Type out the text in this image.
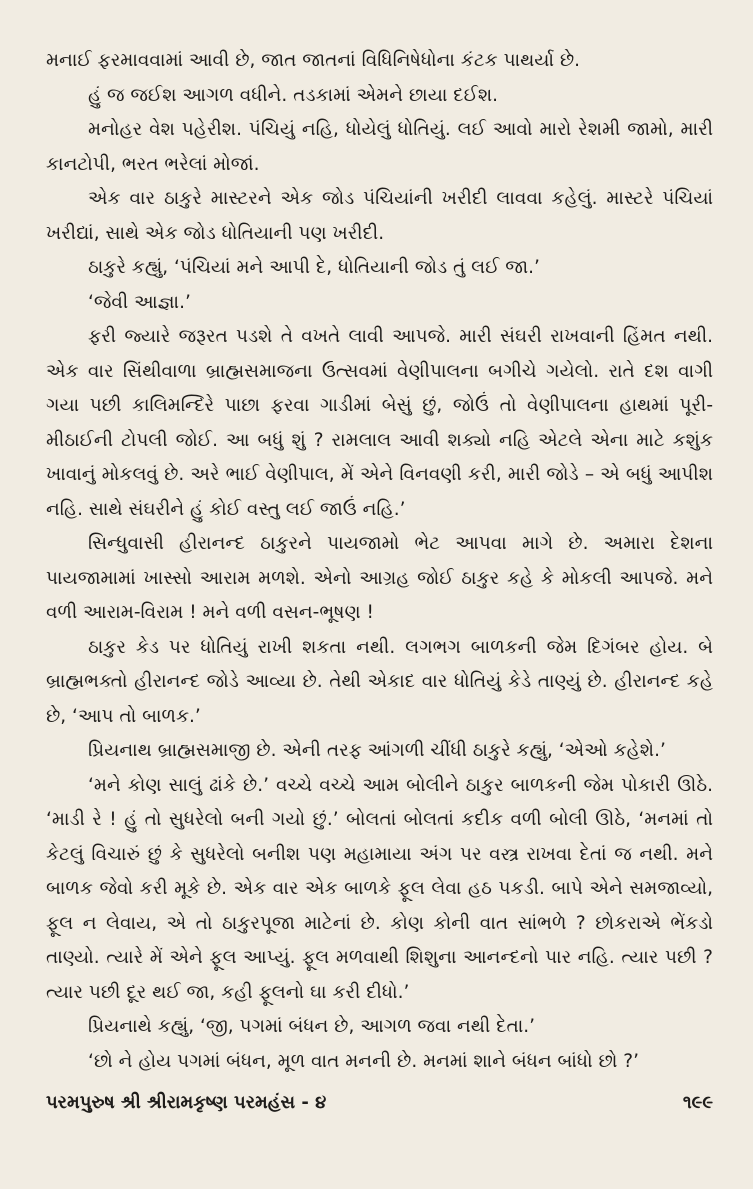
મનાઈ ફરમાવવામાં આવી છે, જાત જાતનાં વિધિનિષેધોના કંટક પાથર્યા છે.

હું જ જઈશ આગળ વધીને. તડકામાં એમને છાયા દઈશ.

મનોહર વેશ પહેરીશ. પંચિયું નહિ, ધોયેલું ધોતિયું. લઈ આવો મારો રેશમી જામો, મારી કાનટોપી, ભરત ભરેલાં મોજાં.

એક વાર ઠાકુરે માસ્ટરને એક જોડ પંચિયાંની ખરીદી લાવવા કહેલું. માસ્ટરે પંચિયાં ખરીદ્યાં, સાથે એક જોડ ધોતિયાની પણ ખરીદી.

ઠાકુરે કહ્યું, ‘પંચિયાં મને આપી દે, ધોતિયાની જોડ તું લઈ જા.’

‘જેવી આજ્ઞા.’

ફરી જ્યારે જરૂરત પડશે તે વખતે લાવી આપજે. મારી સંઘરી રાખવાની હિંમત નથી. એક વાર સિંથીવાળા બ્રાહ્મસમાજના ઉત્સવમાં વેણીપાલના બગીચે ગયેલો. રાતે દશ વાગી ગયા પછી કાલિમન્દિરે પાછા ફરવા ગાડીમાં બેસું છું, જોઉં તો વેણીપાલના હાથમાં પૂરી-મીઠાઈની ટોપલી જોઈ. આ બધું શું ? રામલાલ આવી શક્યો નહિ એટલે એના માટે કશુંક ખાવાનું મોકલવું છે. અરે ભાઈ વેણીપાલ, મેં એને વિનવણી કરી, મારી જોડે – એ બધું આપીશ નહિ. સાથે સંઘરીને હું કોઈ વસ્તુ લઈ જાઉં નહિ.’

સિન્ધુવાસી હીરાનન્દ ઠાકુરને પાયજામો ભેટ આપવા માગે છે. અમારા દેશના પાયજામામાં ખાસ્સો આરામ મળશે. એનો આગ્રહ જોઈ ઠાકુર કહે કે મોકલી આપજે. મને વળી આરામ-વિરામ ! મને વળી વસન-ભૂષણ !

ઠાકુર કેડ પર ધોતિયું રાખી શકતા નથી. લગભગ બાળકની જેમ દિગંબર હોય. બે બ્રાહ્મભક્તો હીરાનન્દ જોડે આવ્યા છે. તેથી એકાદ વાર ધોતિયું કેડે તાણ્યું છે. હીરાનન્દ કહે છે, ‘આપ તો બાળક.’

પ્રિયનાથ બ્રાહ્મસમાજી છે. એની તરફ આંગળી ચીંધી ઠાકુરે કહ્યું, ‘એઓ કહેશે.’

‘મને કોણ સાલું ઢાંકે છે.’ વચ્ચે વચ્ચે આમ બોલીને ઠાકુર બાળકની જેમ પોકારી ઊઠે. ‘માડી રે ! હું તો સુધરેલો બની ગયો છું.’ બોલતાં બોલતાં કદીક વળી બોલી ઊઠે, ‘મનમાં તો કેટલું વિચારું છું કે સુધરેલો બનીશ પણ મહામાયા અંગ પર વસ્ત્ર રાખવા દેતાં જ નથી. મને બાળક જેવો કરી મૂકે છે. એક વાર એક બાળકે ફૂલ લેવા હઠ પકડી. બાપે એને સમજાવ્યો, ફૂલ ન લેવાય, એ તો ઠાકુરપૂજા માટેનાં છે. કોણ કોની વાત સાંભળે ? છોકરાએ ભેંકડો તાણ્યો. ત્યારે મેં એને ફૂલ આપ્યું. ફૂલ મળવાથી શિશુના આનન્દનો પાર નહિ. ત્યાર પછી ? ત્યાર પછી દૂર થઈ જા, કહી ફૂલનો ઘા કરી દીધો.’

પ્રિયનાથે કહ્યું, ‘જી, પગમાં બંધન છે, આગળ જવા નથી દેતા.’

‘છો ને હોય પગમાં બંધન, મૂળ વાત મનની છે. મનમાં શાને બંધન બાંધો છો ?’

પરમપુરુષ શ્રી શ્રીરામકૃષ્ણ પરમહંસ - ૪	૧૯૯
